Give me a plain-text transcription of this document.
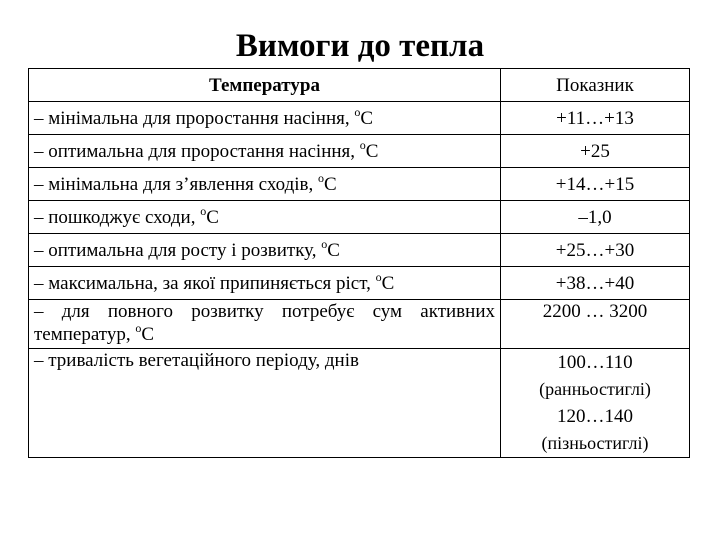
Вимоги до тепла
Температура	Показник
– мінімальна для проростання насіння, $^о$С	+11…+13
– оптимальна для проростання насіння, $^о$С	+25
– мінімальна для з’явлення сходів, $^о$С	+14…+15
– пошкоджує сходи, $^о$С	–1,0
– оптимальна для росту і розвитку, $^о$С	+25…+30
– максимальна, за якої припиняється ріст, $^о$С	+38…+40
– для повного розвитку потребує сум активних температур, $^о$С	2200 … 3200
– тривалість вегетаційного періоду, днів	100…110
(ранньостиглі)
120…140
(пізньостиглі)
